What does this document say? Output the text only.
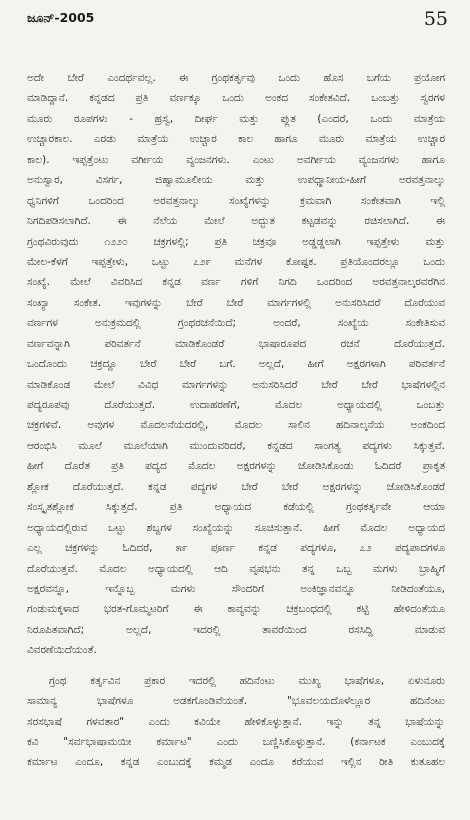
ಜೂನ್-2005	55
ಅದೇ ಬೇರೆ ಎಂದರ್ಥವಲ್ಲ. ಈ ಗ್ರಂಥಕರ್ತೃವು ಒಂದು ಹೊಸ ಬಗೆಯ ಪ್ರಯೋಗ
ಮಾಡಿದ್ದಾನೆ. ಕನ್ನಡದ ಪ್ರತಿ ವರ್ಣಕ್ಕೂ ಒಂದು ಅಂಕದ ಸಂಕೇತವಿದೆ. ಒಂಬತ್ತು ಸ್ವರಗಳ
ಮೂರು ರೂಪಗಳು - ಹ್ರಸ್ವ, ದೀರ್ಘ ಮತ್ತು ಪ್ಲುತ (ಎಂದರೆ, ಒಂದು ಮಾತ್ರೆಯ
ಉಚ್ಚಾರಕಾಲ. ಎರಡು ಮಾತ್ರೆಯ ಉಚ್ಚಾರ ಕಾಲ ಹಾಗೂ ಮೂರು ಮಾತ್ರೆಯ ಉಚ್ಚಾರ
ಕಾಲ). ಇಪ್ಪತ್ತೆಂಟು ವರ್ಗೀಯ ವ್ಯಂಜನಗಳು. ಎಂಟು ಅವರ್ಗೀಯ ವ್ಯಂಜನಗಳು ಹಾಗೂ
ಅನುಸ್ವಾರ, ವಿಸರ್ಗ, ಜಿಹ್ವಾಮೂಲೀಯ ಮತ್ತು ಉಪಧ್ಮಾನೀಯ-ಹೀಗೆ ಅರವತ್ತನಾಲ್ಕು
ಧ್ವನಿಗಳಿಗೆ ಒಂದರಿಂದ ಅರವತ್ತನಾಲ್ಕು ಸಂಖ್ಯೆಗಳನ್ನು ಕ್ರಮವಾಗಿ ಸಂಕೇತವಾಗಿ ಇಲ್ಲಿ
ನಿಗದಿಪಡಿಸಲಾಗಿದೆ. ಈ ನೆಲೆಯ ಮೇಲೆ ಅದ್ಭುತ ಕಟ್ಟಡವನ್ನು ರಚಿಸಲಾಗಿದೆ. ಈ
ಗ್ರಂಥವಿರುವುದು ೧೨೨೦ ಚಕ್ರಗಳಲ್ಲಿ; ಪ್ರತಿ ಚಕ್ರವೂ ಅಡ್ಡಡ್ಡಲಾಗಿ ಇಪ್ಪತ್ತೇಳು ಮತ್ತು
ಮೇಲ-ಕೆಳಗೆ ಇಪ್ಪತ್ತೇಳು, ಒಟ್ಟು ೭೨೯ ಮನೆಗಳ ಕೋಷ್ಟಕ. ಪ್ರತಿಯೊಂದರಲ್ಲೂ ಒಂದು
ಸಂಖ್ಯೆ. ಮೇಲೆ ವಿವರಿಸಿದ ಕನ್ನಡ ವರ್ಣ ಗಳಿಗೆ ನಿಗದಿ ಒಂದರಿಂದ ಅರವತ್ತನಾಲ್ಕರವರೆಗಿನ
ಸಂಖ್ಯಾ ಸಂಕೇತ. ಇವುಗಳನ್ನು ಬೇರೆ ಬೇರೆ ಮಾರ್ಗಗಳಲ್ಲಿ ಅನುಸರಿಸಿದರೆ ದೊರೆಯುವ
ವರ್ಣಗಳ ಅನುಕ್ರಮದಲ್ಲಿ ಗ್ರಂಥರಚನೆಯಿದೆ; ಅಂದರೆ, ಸಂಖ್ಯೆಯ ಸಂಕೇತಿಸುವ
ವರ್ಣವನ್ನಾಗಿ ಪರಿವರ್ತನೆ ಮಾಡಿಕೊಂಡರೆ ಭಾಷಾರೂಪದ ರಚನೆ ದೊರೆಯುತ್ತದೆ.
ಒಂದೊಂದು ಚಕ್ರದ್ದೂ ಬೇರೆ ಬೇರೆ ಬಗೆ. ಅಲ್ಲದೆ, ಹೀಗೆ ಅಕ್ಷರಗಳಾಗಿ ಪರಿವರ್ತನೆ
ಮಾಡಿಕೊಂಡ ಮೇಲೆ ವಿವಿಧ ಮಾರ್ಗಗಳನ್ನು ಅನುಸರಿಸಿದರೆ ಬೇರೆ ಬೇರೆ ಭಾಷೆಗಳಲ್ಲಿನ
ಪದ್ಯರೂಪವು ದೊರೆಯುತ್ತದೆ. ಉದಾಹರಣೆಗೆ, ಮೊದಲ ಅಧ್ಯಾಯದಲ್ಲಿ ಒಂಬತ್ತು
ಚಕ್ರಗಳಿವೆ. ಅವುಗಳ ಮೊದಲನೆಯದರಲ್ಲಿ, ಮೊದಲ ಸಾಲಿನ ಹದಿನಾಲ್ಕನೆಯ ಅಂಕದಿಂದ
ಆರಂಭಿಸಿ ಮೂಲೆ ಮೂಲೆಯಾಗಿ ಮುಂದುವರಿದರೆ, ಕನ್ನಡದ ಸಾಂಗತ್ಯ ಪದ್ಯಗಳು ಸಿಕ್ಕುತ್ತವೆ.
ಹೀಗೆ ದೊರೆತ ಪ್ರತಿ ಪದ್ಯದ ಮೊದಲ ಅಕ್ಷರಗಳನ್ನು ಜೋಡಿಸಿಕೊಂಡು ಓದಿದರೆ ಪ್ರಾಕೃತ
ಶ್ಲೋಕ ದೊರೆಯುತ್ತದೆ. ಕನ್ನಡ ಪದ್ಯಗಳ ಬೇರೆ ಬೇರೆ ಅಕ್ಷರಗಳನ್ನು ಜೋಡಿಸಿಕೊಂಡರೆ
ಸಂಸ್ಕೃತಶ್ಲೋಕ ಸಿಕ್ಕುತ್ತದೆ. ಪ್ರತಿ ಅಧ್ಯಾಯದ ಕಡೆಯಲ್ಲಿ ಗ್ರಂಥಕರ್ತೃವೇ ಆಯಾ
ಅಧ್ಯಾಯದಲ್ಲಿರುವ ಒಟ್ಟು ಶಬ್ದಗಳ ಸಂಖ್ಯೆಯನ್ನು ಸೂಚಿಸುತ್ತಾನೆ. ಹೀಗೆ ಮೊದಲ ಅಧ್ಯಾಯದ
ಎಲ್ಲ ಚಕ್ರಗಳನ್ನು ಓದಿದರೆ, ೫೯ ಪೂರ್ಣ ಕನ್ನಡ ಪದ್ಯಗಳೂ, ೭೨ ಪದ್ಯಪಾದಗಳೂ
ದೊರೆಯುತ್ತವೆ. ಮೊದಲ ಅಧ್ಯಾಯದಲ್ಲಿ ಆದಿ ವೃಷಭನು ತನ್ನ ಒಬ್ಬ ಮಗಳು ಬ್ರಾಹ್ಮಿಗೆ
ಅಕ್ಷರವನ್ನೂ, ಇನ್ನೊಬ್ಬ ಮಗಳು ಸೌಂದರಿಗೆ ಅಂಕಿಜ್ಞಾನವನ್ನೂ ನೀಡಿದಂತೆಯೂ,
ಗಂಡುಮಕ್ಕಳಾದ ಭರತ-ಗೊಮ್ಮಟರಿಗೆ ಈ ಕಾವ್ಯವನ್ನು ಚಕ್ರಬಂಧದಲ್ಲಿ ಕಟ್ಟಿ ಹೇಳಿದಂತೆಯೂ
ನಿರೂಪಿತವಾಗಿದೆ; ಅಲ್ಲದೆ, ಇದರಲ್ಲಿ ತಾವರೆಯಿಂದ ರಸಸಿದ್ದಿ ಮಾಡುವ
ವಿವರಣೆಯಿದೆಯಂತೆ.
ಗ್ರಂಥ ಕರ್ತೃವಿನ ಪ್ರಕಾರ ಇದರಲ್ಲಿ ಹದಿನೆಂಟು ಮುಖ್ಯ ಭಾಷೆಗಳೂ, ಏಳುನೂರು
ಸಾಮಾನ್ಯ ಭಾಷೆಗಳೂ ಅಡಕಗೊಂಡಿವೆಯಂತೆ. "ಭೂವಲಯದೊಳೆಲ್ಲೂರ ಹದಿನೆಂಟು
ಸರಸಭಾಷೆ ಗಳವತಾರ" ಎಂದು ಕವಿಯೇ ಹೇಳಿಕೊಳ್ಳುತ್ತಾನೆ. ಇನ್ನು ತನ್ನ ಭಾಷೆಯನ್ನು
ಕವಿ "ಸರ್ವಭಾಷಾಮಯೀ ಕರ್ಮಾಟ" ಎಂದು ಬಣ್ಣಿಸಿಕೊಳ್ಳುತ್ತಾನೆ. (ಕರ್ನಾಟಕ ಎಂಬುದಕ್ಕೆ
ಕರ್ಮಾಟ ಎಂದೂ, ಕನ್ನಡ ಎಂಬುದಕ್ಕೆ ಕಮ್ಮಡ ಎಂದೂ ಕರೆಯುವ ಇಲ್ಲಿನ ರೀತಿ ಕುತೂಹಲ
